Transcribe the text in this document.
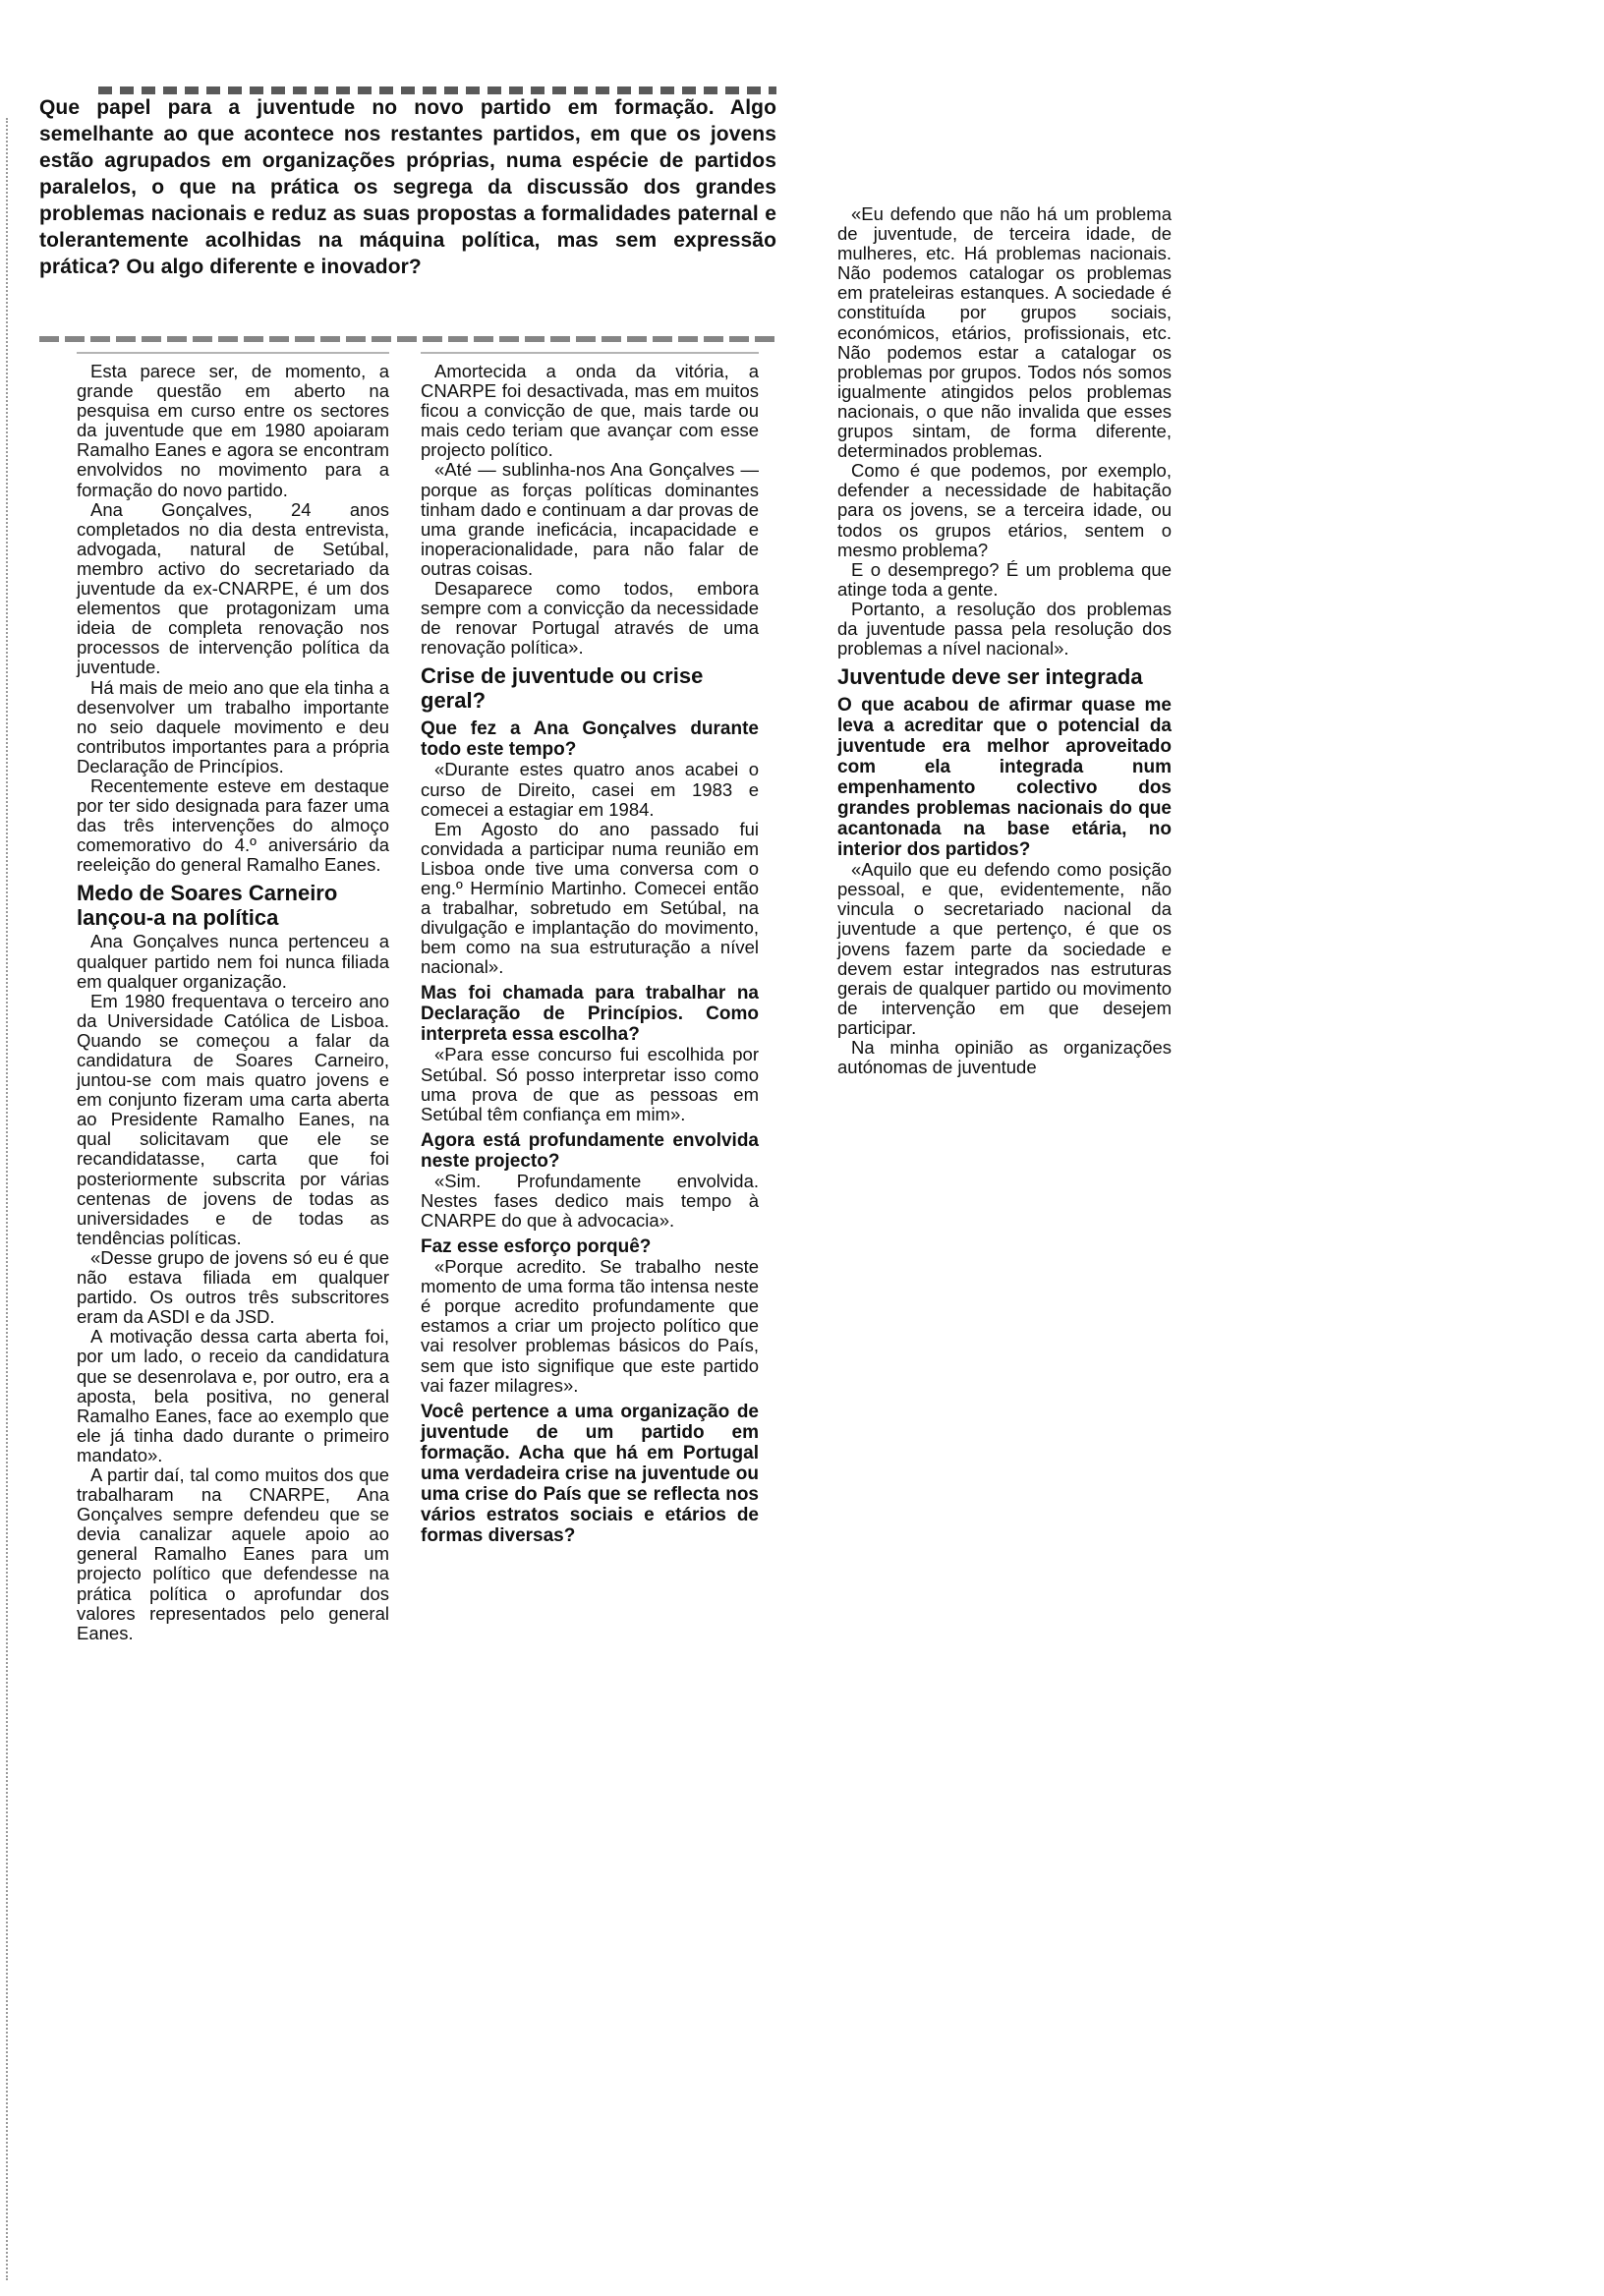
Que papel para a juventude no novo partido em formação. Algo semelhante ao que acontece nos restantes partidos, em que os jovens estão agrupados em organizações próprias, numa espécie de partidos paralelos, o que na prática os segrega da discussão dos grandes problemas nacionais e reduz as suas propostas a formalidades paternal e tolerantemente acolhidas na máquina política, mas sem expressão prática? Ou algo diferente e inovador?

Esta parece ser, de momento, a grande questão em aberto na pesquisa em curso entre os sectores da juventude que em 1980 apoiaram Ramalho Eanes e agora se encontram envolvidos no movimento para a formação do novo partido.

Ana Gonçalves, 24 anos completados no dia desta entrevista, advogada, natural de Setúbal, membro activo do secretariado da juventude da ex-CNARPE, é um dos elementos que protagonizam uma ideia de completa renovação nos processos de intervenção política da juventude.

Há mais de meio ano que ela tinha a desenvolver um trabalho importante no seio daquele movimento e deu contributos importantes para a própria Declaração de Princípios.

Recentemente esteve em destaque por ter sido designada para fazer uma das três intervenções do almoço comemorativo do 4.º aniversário da reeleição do general Ramalho Eanes.

Medo de Soares Carneiro lançou-a na política

Ana Gonçalves nunca pertenceu a qualquer partido nem foi nunca filiada em qualquer organização.

Em 1980 frequentava o terceiro ano da Universidade Católica de Lisboa. Quando se começou a falar da candidatura de Soares Carneiro, juntou-se com mais quatro jovens e em conjunto fizeram uma carta aberta ao Presidente Ramalho Eanes, na qual solicitavam que ele se recandidatasse, carta que foi posteriormente subscrita por várias centenas de jovens de todas as universidades e de todas as tendências políticas.

«Desse grupo de jovens só eu é que não estava filiada em qualquer partido. Os outros três subscritores eram da ASDI e da JSD.

A motivação dessa carta aberta foi, por um lado, o receio da candidatura que se desenrolava e, por outro, era a aposta, bela positiva, no general Ramalho Eanes, face ao exemplo que ele já tinha dado durante o primeiro mandato».

A partir daí, tal como muitos dos que trabalharam na CNARPE, Ana Gonçalves sempre defendeu que se devia canalizar aquele apoio ao general Ramalho Eanes para um projecto político que defendesse na prática política o aprofundar dos valores representados pelo general Eanes.

Amortecida a onda da vitória, a CNARPE foi desactivada, mas em muitos ficou a convicção de que, mais tarde ou mais cedo teriam que avançar com esse projecto político.

«Até — sublinha-nos Ana Gonçalves — porque as forças políticas dominantes tinham dado e continuam a dar provas de uma grande ineficácia, incapacidade e inoperacionalidade, para não falar de outras coisas.

Desaparece como todos, embora sempre com a convicção da necessidade de renovar Portugal através de uma renovação política».

Crise de juventude ou crise geral?
Que fez a Ana Gonçalves durante todo este tempo?

«Durante estes quatro anos acabei o curso de Direito, casei em 1983 e comecei a estagiar em 1984.

Em Agosto do ano passado fui convidada a participar numa reunião em Lisboa onde tive uma conversa com o eng.º Hermínio Martinho. Comecei então a trabalhar, sobretudo em Setúbal, na divulgação e implantação do movimento, bem como na sua estruturação a nível nacional».

Mas foi chamada para trabalhar na Declaração de Princípios. Como interpreta essa escolha?

«Para esse concurso fui escolhida por Setúbal. Só posso interpretar isso como uma prova de que as pessoas em Setúbal têm confiança em mim».

Agora está profundamente envolvida neste projecto?

«Sim. Profundamente envolvida. Nestes fases dedico mais tempo à CNARPE do que à advocacia».

Faz esse esforço porquê?

«Porque acredito. Se trabalho neste momento de uma forma tão intensa neste é porque acredito profundamente que estamos a criar um projecto político que vai resolver problemas básicos do País, sem que isto signifique que este partido vai fazer milagres».

Você pertence a uma organização de juventude de um partido em formação. Acha que há em Portugal uma verdadeira crise na juventude ou uma crise do País que se reflecta nos vários estratos sociais e etários de formas diversas?

«Eu defendo que não há um problema de juventude, de terceira idade, de mulheres, etc. Há problemas nacionais. Não podemos catalogar os problemas em prateleiras estanques. A sociedade é constituída por grupos sociais, económicos, etários, profissionais, etc. Não podemos estar a catalogar os problemas por grupos. Todos nós somos igualmente atingidos pelos problemas nacionais, o que não invalida que esses grupos sintam, de forma diferente, determinados problemas.

Como é que podemos, por exemplo, defender a necessidade de habitação para os jovens, se a terceira idade, ou todos os grupos etários, sentem o mesmo problema?

E o desemprego? É um problema que atinge toda a gente.

Portanto, a resolução dos problemas da juventude passa pela resolução dos problemas a nível nacional».

Juventude deve ser integrada
O que acabou de afirmar quase me leva a acreditar que o potencial da juventude era melhor aproveitado com ela integrada num empenhamento colectivo dos grandes problemas nacionais do que acantonada na base etária, no interior dos partidos?

«Aquilo que eu defendo como posição pessoal, e que, evidentemente, não vincula o secretariado nacional da juventude a que pertenço, é que os jovens fazem parte da sociedade e devem estar integrados nas estruturas gerais de qualquer partido ou movimento de intervenção em que desejem participar.

Na minha opinião as organizações autónomas de juventude
